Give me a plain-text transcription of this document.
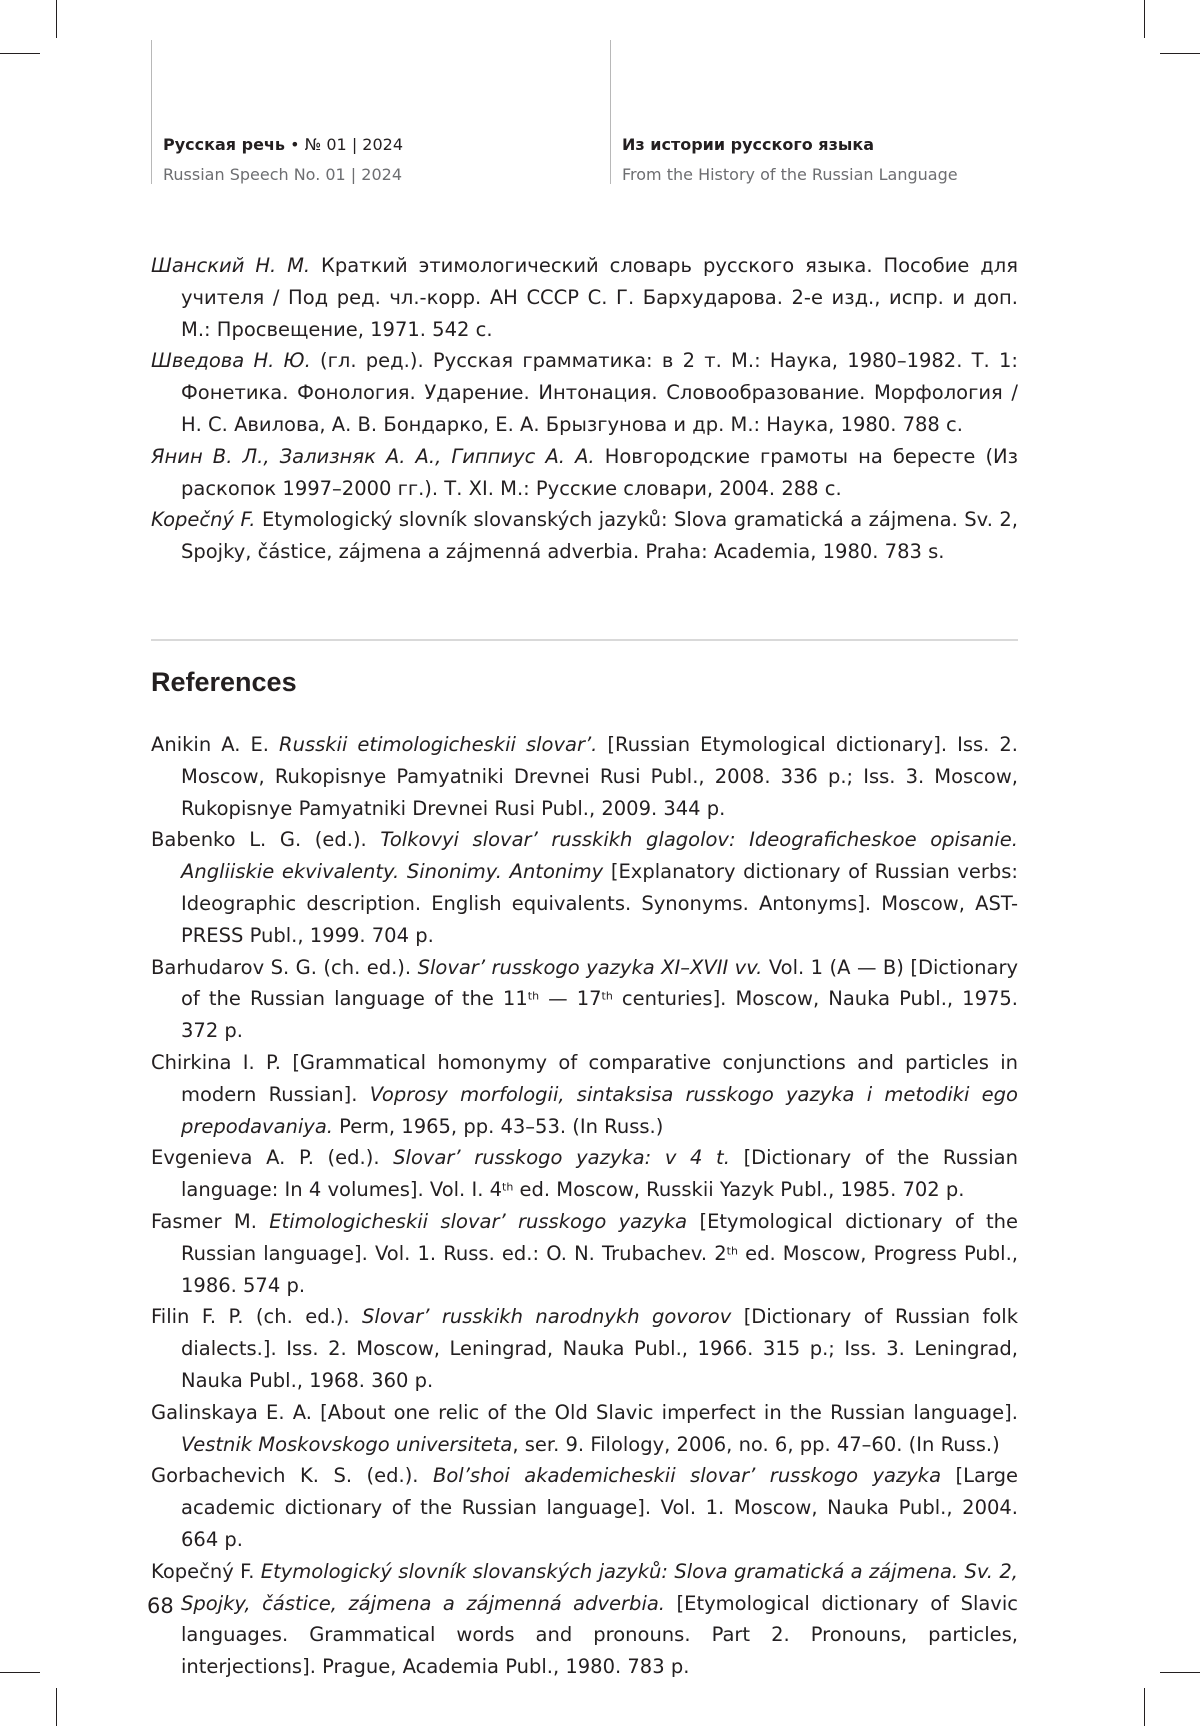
Русская речь • № 01 | 2024
Russian Speech No. 01 | 2024
Из истории русского языка
From the History of the Russian Language
Шанский Н. М. Краткий этимологический словарь русского языка. Пособие для учителя / Под ред. чл.-корр. АН СССР С. Г. Бархударова. 2-е изд., испр. и доп. М.: Просвещение, 1971. 542 с.
Шведова Н. Ю. (гл. ред.). Русская грамматика: в 2 т. М.: Наука, 1980–1982. Т. 1: Фонетика. Фонология. Ударение. Интонация. Словообразование. Морфология / Н. С. Авилова, А. В. Бондарко, Е. А. Брызгунова и др. М.: Наука, 1980. 788 с.
Янин В. Л., Зализняк А. А., Гиппиус А. А. Новгородские грамоты на бересте (Из раскопок 1997–2000 гг.). Т. XI. М.: Русские словари, 2004. 288 с.
Kopečný F. Etymologický slovník slovanských jazyků: Slova gramatická a zájmena. Sv. 2, Spojky, částice, zájmena a zájmenná adverbia. Praha: Academia, 1980. 783 s.
References
Anikin A. E. Russkii etimologicheskii slovar’. [Russian Etymological dictionary]. Iss. 2. Moscow, Rukopisnye Pamyatniki Drevnei Rusi Publ., 2008. 336 p.; Iss. 3. Moscow, Rukopisnye Pamyatniki Drevnei Rusi Publ., 2009. 344 p.
Babenko L. G. (ed.). Tolkovyi slovar’ russkikh glagolov: Ideograficheskoe opisanie. Angliiskie ekvivalenty. Sinonimy. Antonimy [Explanatory dictionary of Russian verbs: Ideographic description. English equivalents. Synonyms. Antonyms]. Moscow, AST-PRESS Publ., 1999. 704 p.
Barhudarov S. G. (ch. ed.). Slovar’ russkogo yazyka XI–XVII vv. Vol. 1 (A — B) [Dictionary of the Russian language of the 11th — 17th centuries]. Moscow, Nauka Publ., 1975. 372 p.
Chirkina I. P. [Grammatical homonymy of comparative conjunctions and particles in modern Russian]. Voprosy morfologii, sintaksisa russkogo yazyka i metodiki ego prepodavaniya. Perm, 1965, pp. 43–53. (In Russ.)
Evgenieva A. P. (ed.). Slovar’ russkogo yazyka: v 4 t. [Dictionary of the Russian language: In 4 volumes]. Vol. I. 4th ed. Moscow, Russkii Yazyk Publ., 1985. 702 p.
Fasmer M. Etimologicheskii slovar’ russkogo yazyka [Etymological dictionary of the Russian language]. Vol. 1. Russ. ed.: O. N. Trubachev. 2th ed. Moscow, Progress Publ., 1986. 574 p.
Filin F. P. (ch. ed.). Slovar’ russkikh narodnykh govorov [Dictionary of Russian folk dialects.]. Iss. 2. Moscow, Leningrad, Nauka Publ., 1966. 315 p.; Iss. 3. Leningrad, Nauka Publ., 1968. 360 p.
Galinskaya E. A. [About one relic of the Old Slavic imperfect in the Russian language]. Vestnik Moskovskogo universiteta, ser. 9. Filology, 2006, no. 6, pp. 47–60. (In Russ.)
Gorbachevich K. S. (ed.). Bol’shoi akademicheskii slovar’ russkogo yazyka [Large academic dictionary of the Russian language]. Vol. 1. Moscow, Nauka Publ., 2004. 664 p.
Kopečný F. Etymologický slovník slovanských jazyků: Slova gramatická a zájmena. Sv. 2, Spojky, částice, zájmena a zájmenná adverbia. [Etymological dictionary of Slavic languages. Grammatical words and pronouns. Part 2. Pronouns, particles, interjections]. Prague, Academia Publ., 1980. 783 p.
68
